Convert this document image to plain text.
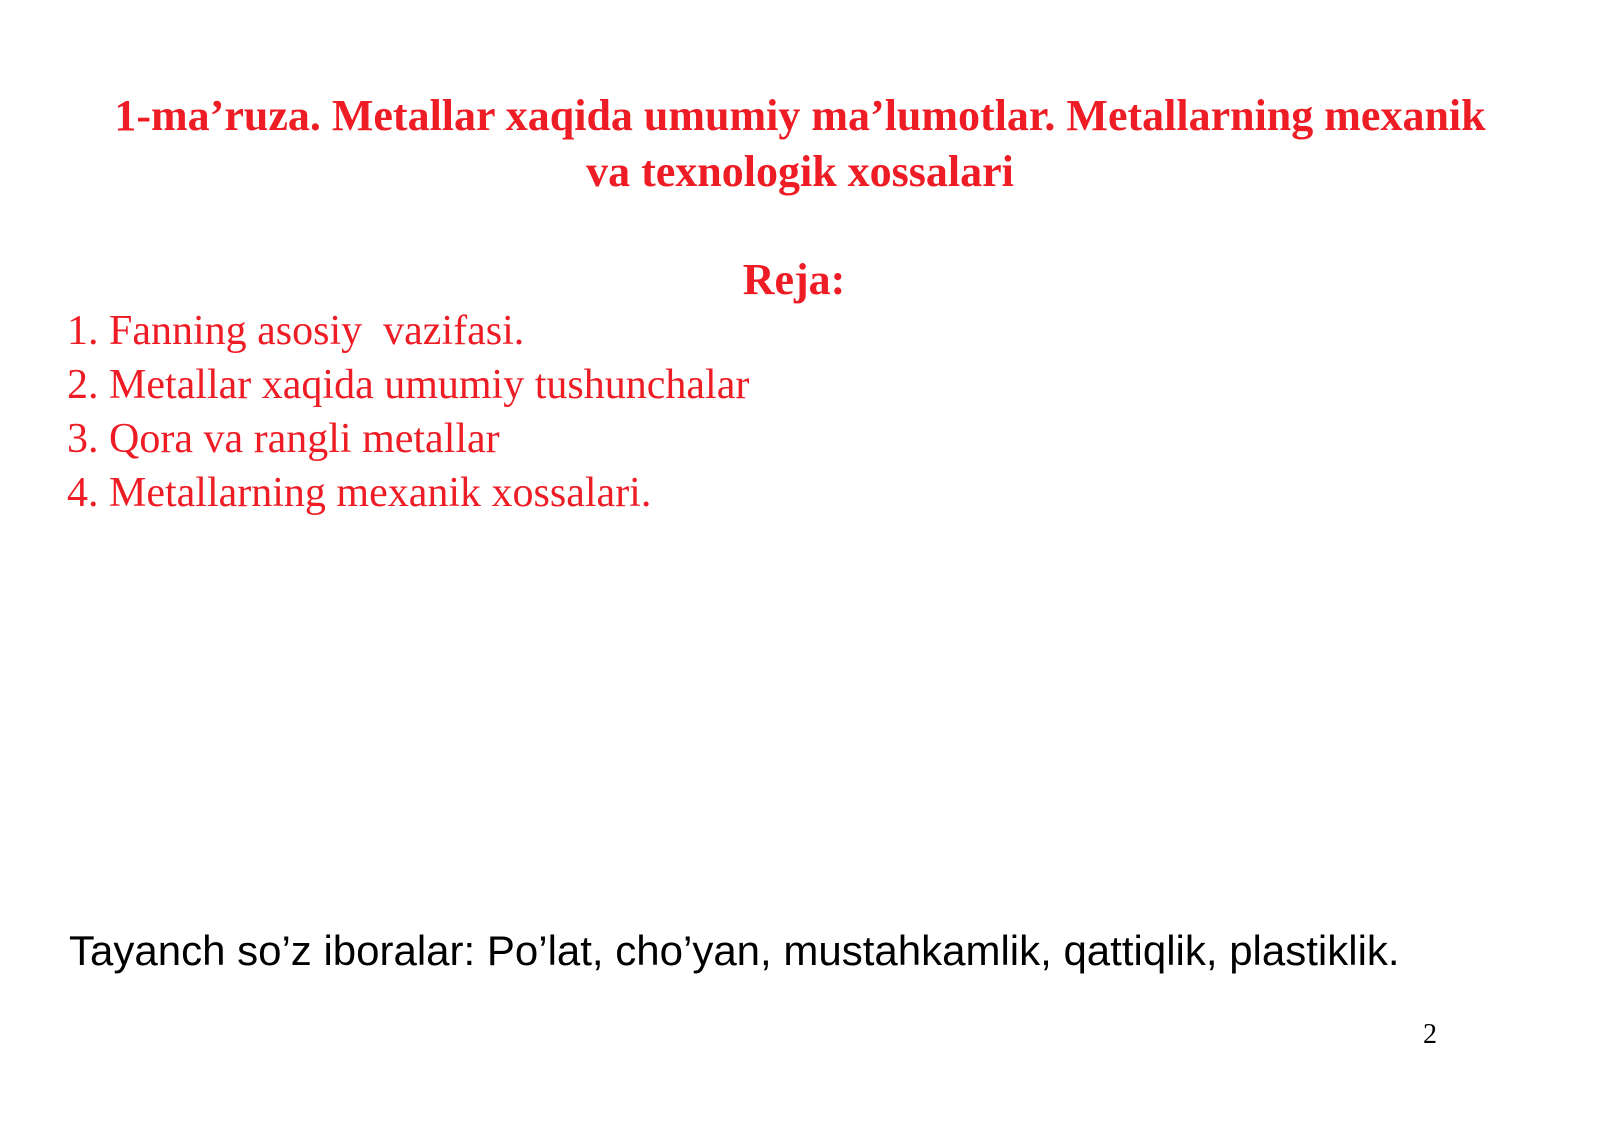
1-ma’ruza. Metallar xaqida umumiy ma’lumotlar. Metallarning mexanik
va texnologik xossalari
Reja:
1. Fanning asosiy  vazifasi.
2. Metallar xaqida umumiy tushunchalar
3. Qora va rangli metallar
4. Metallarning mexanik xossalari.
Tayanch so’z iboralar: Po’lat, cho’yan, mustahkamlik, qattiqlik, plastiklik.
2
